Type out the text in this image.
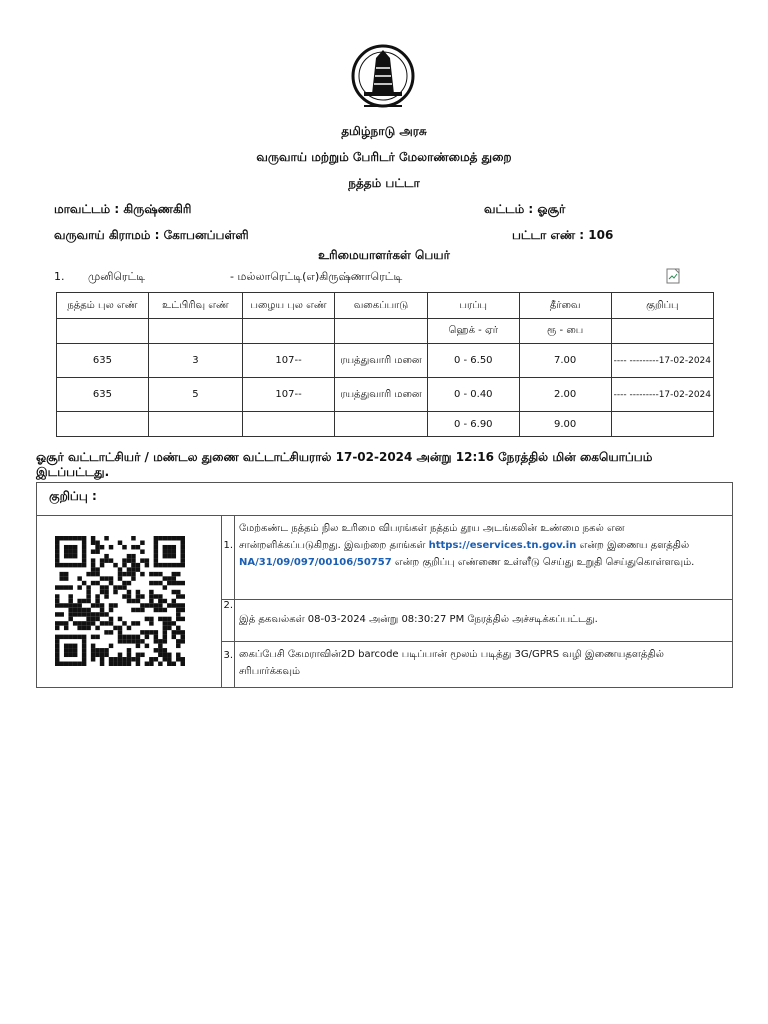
தமிழ்நாடு அரசு
வருவாய் மற்றும் பேரிடர் மேலாண்மைத் துறை
நத்தம் பட்டா
மாவட்டம் : கிருஷ்ணகிரி	வட்டம் : ஓசூர்
வருவாய் கிராமம் : கோபனப்பள்ளி	பட்டா எண் : 106
உரிமையாளர்கள் பெயர்
1. முனிரெட்டி	- மல்லாரெட்டி(எ)கிருஷ்ணாரெட்டி
நத்தம் புல எண்	உட்பிரிவு எண்	பழைய புல எண்	வகைப்பாடு	பரப்பு	தீர்வை	குறிப்பு
				ஹெக் - ஏர்	ரூ - பை	
635	3	107--	ரயத்துவாரி மனை	0 - 6.50	7.00	---- ---------17-02-2024
635	5	107--	ரயத்துவாரி மனை	0 - 0.40	2.00	---- ---------17-02-2024
				0 - 6.90	9.00	
ஓசூர் வட்டாட்சியர் / மண்டல துணை வட்டாட்சியரால் 17-02-2024 அன்று 12:16 நேரத்தில் மின் கையொப்பம் இடப்பட்டது.
குறிப்பு :		

	1.	மேற்கண்ட நத்தம் நில உரிமை விபரங்கள் நத்தம் தூய அடங்கலின் உண்மை நகல் என சான்றளிக்கப்படுகிறது. இவற்றை தாங்கள் https://eservices.tn.gov.in என்ற இணைய தளத்தில் NA/31/09/097/00106/50757 என்ற குறிப்பு எண்ணை உள்ளீடு செய்து உறுதி செய்துகொள்ளவும்.
	2.	இத் தகவல்கள் 08-03-2024 அன்று 08:30:27 PM நேரத்தில் அச்சடிக்கப்பட்டது.
	3.	கைப்பேசி கேமராவின்2D barcode படிப்பான் மூலம் படித்து 3G/GPRS வழி இணையதளத்தில் சரிபார்க்கவும்
